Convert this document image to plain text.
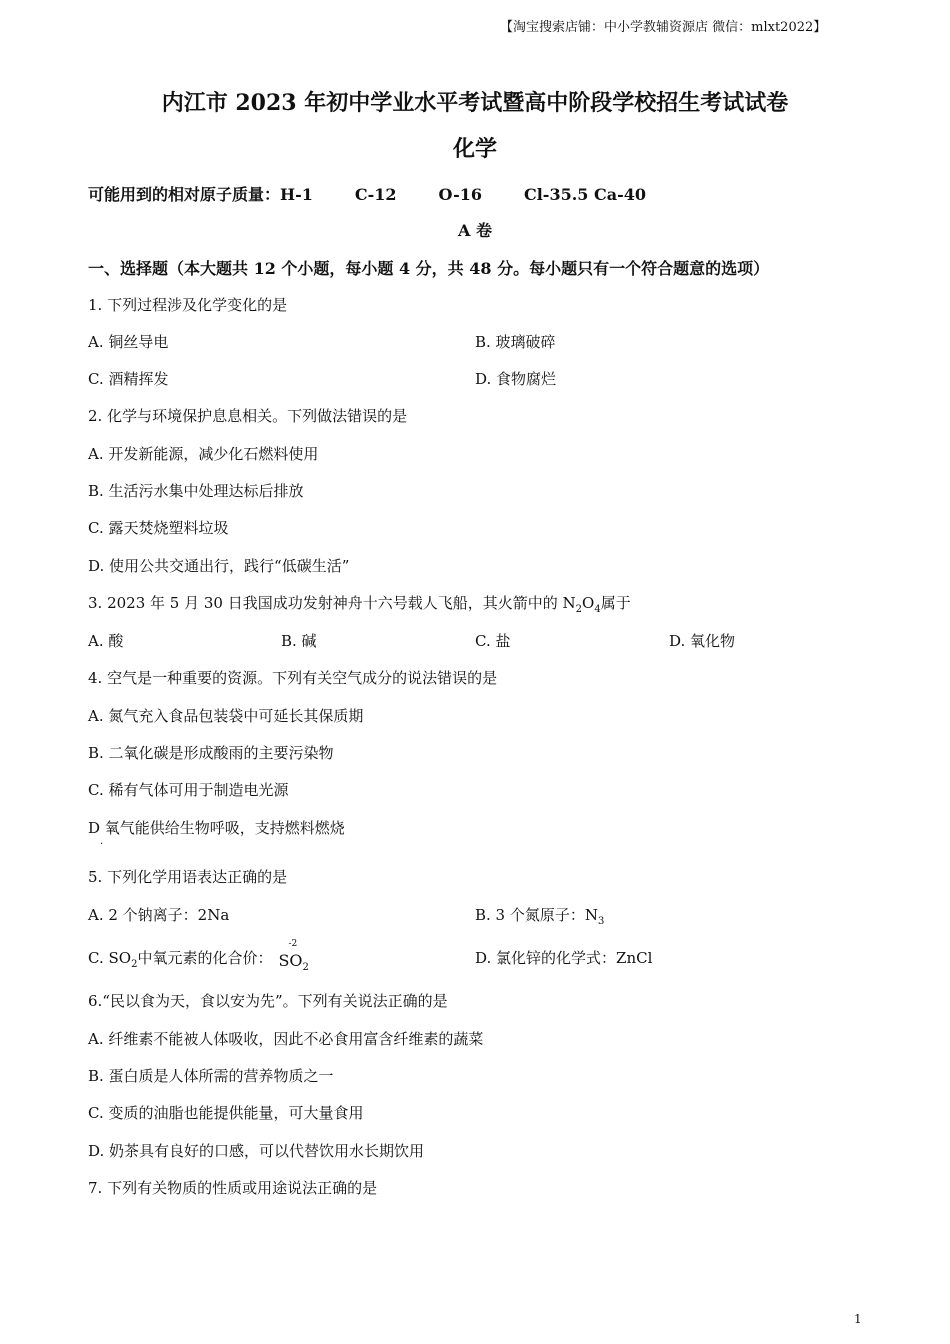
【淘宝搜索店铺：中小学教辅资源店 微信：mlxt2022】
内江市 2023 年初中学业水平考试暨高中阶段学校招生考试试卷
化学
可能用到的相对原子质量：H-1	C-12	O-16	Cl-35.5 Ca-40
A 卷
一、选择题（本大题共 12 个小题，每小题 4 分，共 48 分。每小题只有一个符合题意的选项）
1. 下列过程涉及化学变化的是
A. 铜丝导电	B. 玻璃破碎
C. 酒精挥发	D. 食物腐烂
2. 化学与环境保护息息相关。下列做法错误的是
A. 开发新能源，减少化石燃料使用
B. 生活污水集中处理达标后排放
C. 露天焚烧塑料垃圾
D. 使用公共交通出行，践行“低碳生活”
3. 2023 年 5 月 30 日我国成功发射神舟十六号载人飞船，其火箭中的 $N_2O_4$属于
A. 酸	B. 碱	C. 盐	D. 氧化物
4. 空气是一种重要的资源。下列有关空气成分的说法错误的是
A. 氮气充入食品包装袋中可延长其保质期
B. 二氧化碳是形成酸雨的主要污染物
C. 稀有气体可用于制造电光源
D 氧气能供给生物呼吸，支持燃料燃烧
.
5. 下列化学用语表达正确的是
A. 2 个钠离子：2Na	B. 3 个氮原子：$N_3$
C. $SO_2$中氧元素的化合价：
-2
$SO_2$
D. 氯化锌的化学式：ZnCl
6.“民以食为天，食以安为先”。下列有关说法正确的是
A. 纤维素不能被人体吸收，因此不必食用富含纤维素的蔬菜
B. 蛋白质是人体所需的营养物质之一
C. 变质的油脂也能提供能量，可大量食用
D. 奶茶具有良好的口感，可以代替饮用水长期饮用
7. 下列有关物质的性质或用途说法正确的是
1
